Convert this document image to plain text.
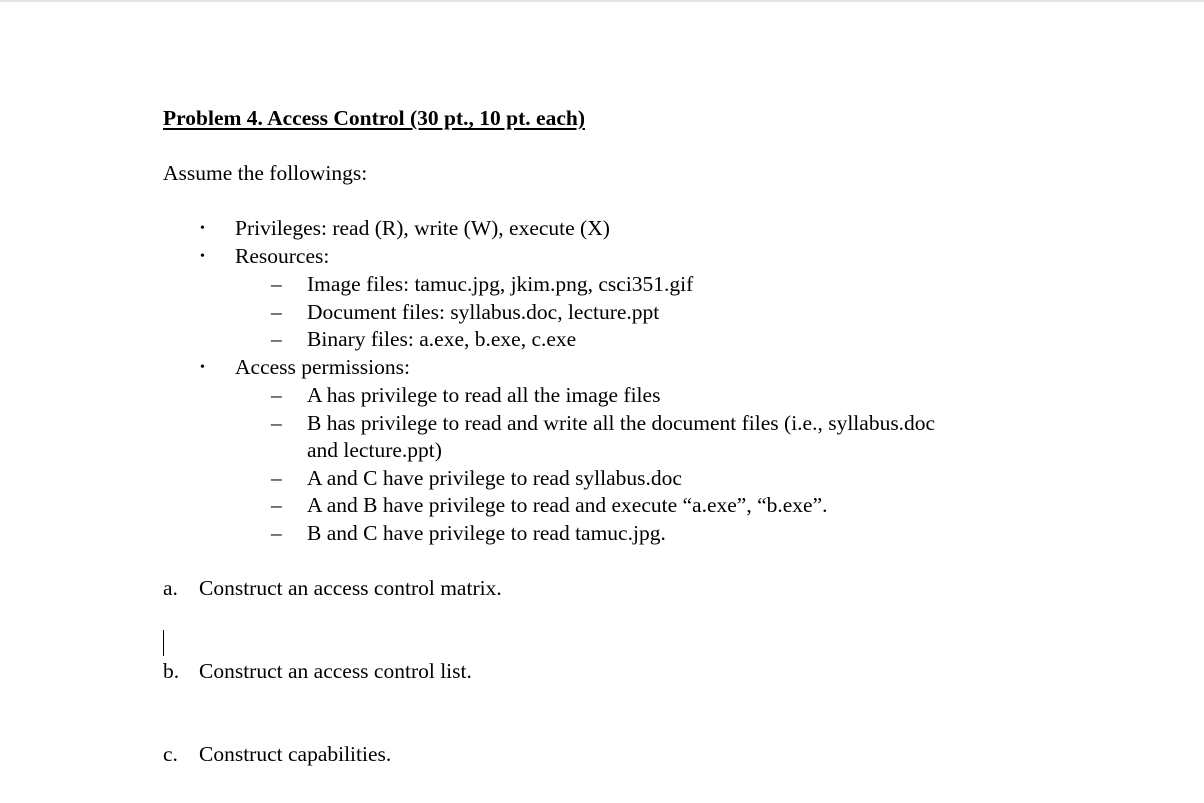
Problem 4. Access Control (30 pt., 10 pt. each)
Assume the followings:
• Privileges: read (R), write (W), execute (X)
• Resources:
– Image files: tamuc.jpg, jkim.png, csci351.gif
– Document files: syllabus.doc, lecture.ppt
– Binary files: a.exe, b.exe, c.exe
• Access permissions:
– A has privilege to read all the image files
– B has privilege to read and write all the document files (i.e., syllabus.doc
and lecture.ppt)
– A and C have privilege to read syllabus.doc
– A and B have privilege to read and execute “a.exe”, “b.exe”.
– B and C have privilege to read tamuc.jpg.
a. Construct an access control matrix.
b. Construct an access control list.
c. Construct capabilities.
